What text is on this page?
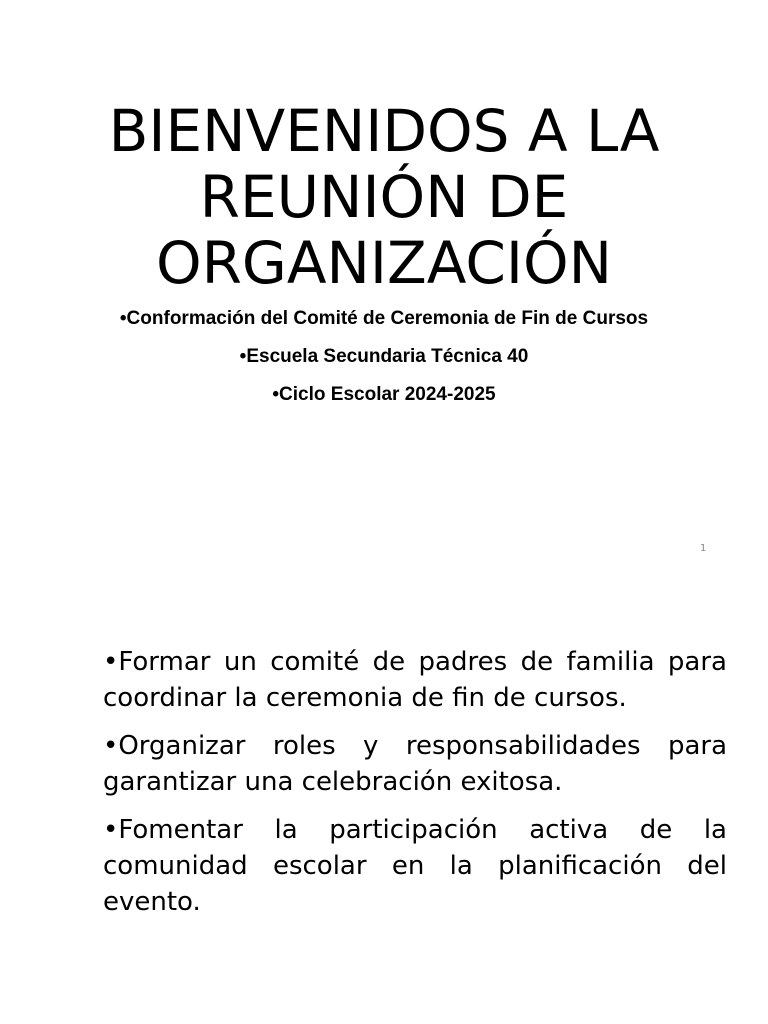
BIENVENIDOS A LA REUNIÓN DE ORGANIZACIÓN
•Conformación del Comité de Ceremonia de Fin de Cursos
•Escuela Secundaria Técnica 40
•Ciclo Escolar 2024-2025
1
•Formar un comité de padres de familia para coordinar la ceremonia de fin de cursos.
•Organizar roles y responsabilidades para garantizar una celebración exitosa.
•Fomentar la participación activa de la comunidad escolar en la planificación del evento.
